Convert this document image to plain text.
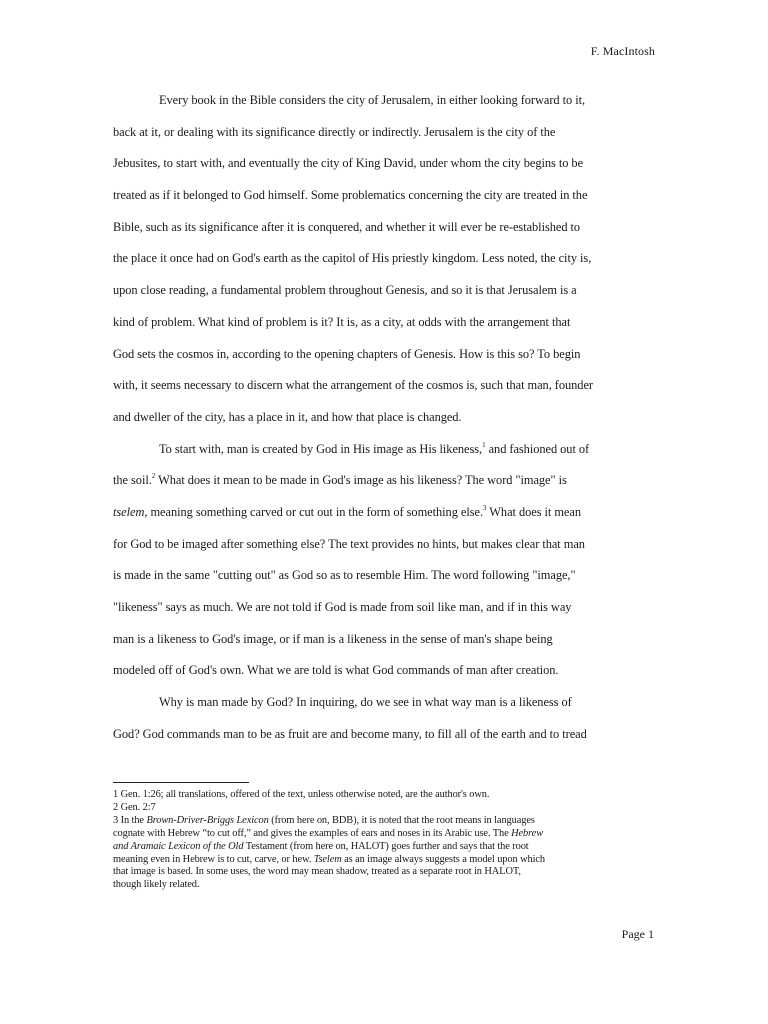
F. MacIntosh
Every book in the Bible considers the city of Jerusalem, in either looking forward to it,
back at it, or dealing with its significance directly or indirectly. Jerusalem is the city of the
Jebusites, to start with, and eventually the city of King David, under whom the city begins to be
treated as if it belonged to God himself. Some problematics concerning the city are treated in the
Bible, such as its significance after it is conquered, and whether it will ever be re-established to
the place it once had on God's earth as the capitol of His priestly kingdom. Less noted, the city is,
upon close reading, a fundamental problem throughout Genesis, and so it is that Jerusalem is a
kind of problem. What kind of problem is it? It is, as a city, at odds with the arrangement that
God sets the cosmos in, according to the opening chapters of Genesis. How is this so? To begin
with, it seems necessary to discern what the arrangement of the cosmos is, such that man, founder
and dweller of the city, has a place in it, and how that place is changed.
To start with, man is created by God in His image as His likeness,$^1$ and fashioned out of
the soil.$^2$ What does it mean to be made in God's image as his likeness? The word "image" is
tselem, meaning something carved or cut out in the form of something else.$^3$ What does it mean
for God to be imaged after something else? The text provides no hints, but makes clear that man
is made in the same "cutting out" as God so as to resemble Him. The word following "image,"
"likeness" says as much. We are not told if God is made from soil like man, and if in this way
man is a likeness to God's image, or if man is a likeness in the sense of man's shape being
modeled off of God's own. What we are told is what God commands of man after creation.
Why is man made by God? In inquiring, do we see in what way man is a likeness of
God? God commands man to be as fruit are and become many, to fill all of the earth and to tread
1 Gen. 1:26; all translations, offered of the text, unless otherwise noted, are the author's own.
2 Gen. 2:7
3 In the Brown-Driver-Briggs Lexicon (from here on, BDB), it is noted that the root means in languages
cognate with Hebrew “to cut off,” and gives the examples of ears and noses in its Arabic use. The Hebrew
and Aramaic Lexicon of the Old Testament (from here on, HALOT) goes further and says that the root
meaning even in Hebrew is to cut, carve, or hew. Tselem as an image always suggests a model upon which
that image is based. In some uses, the word may mean shadow, treated as a separate root in HALOT,
though likely related.
Page 1
